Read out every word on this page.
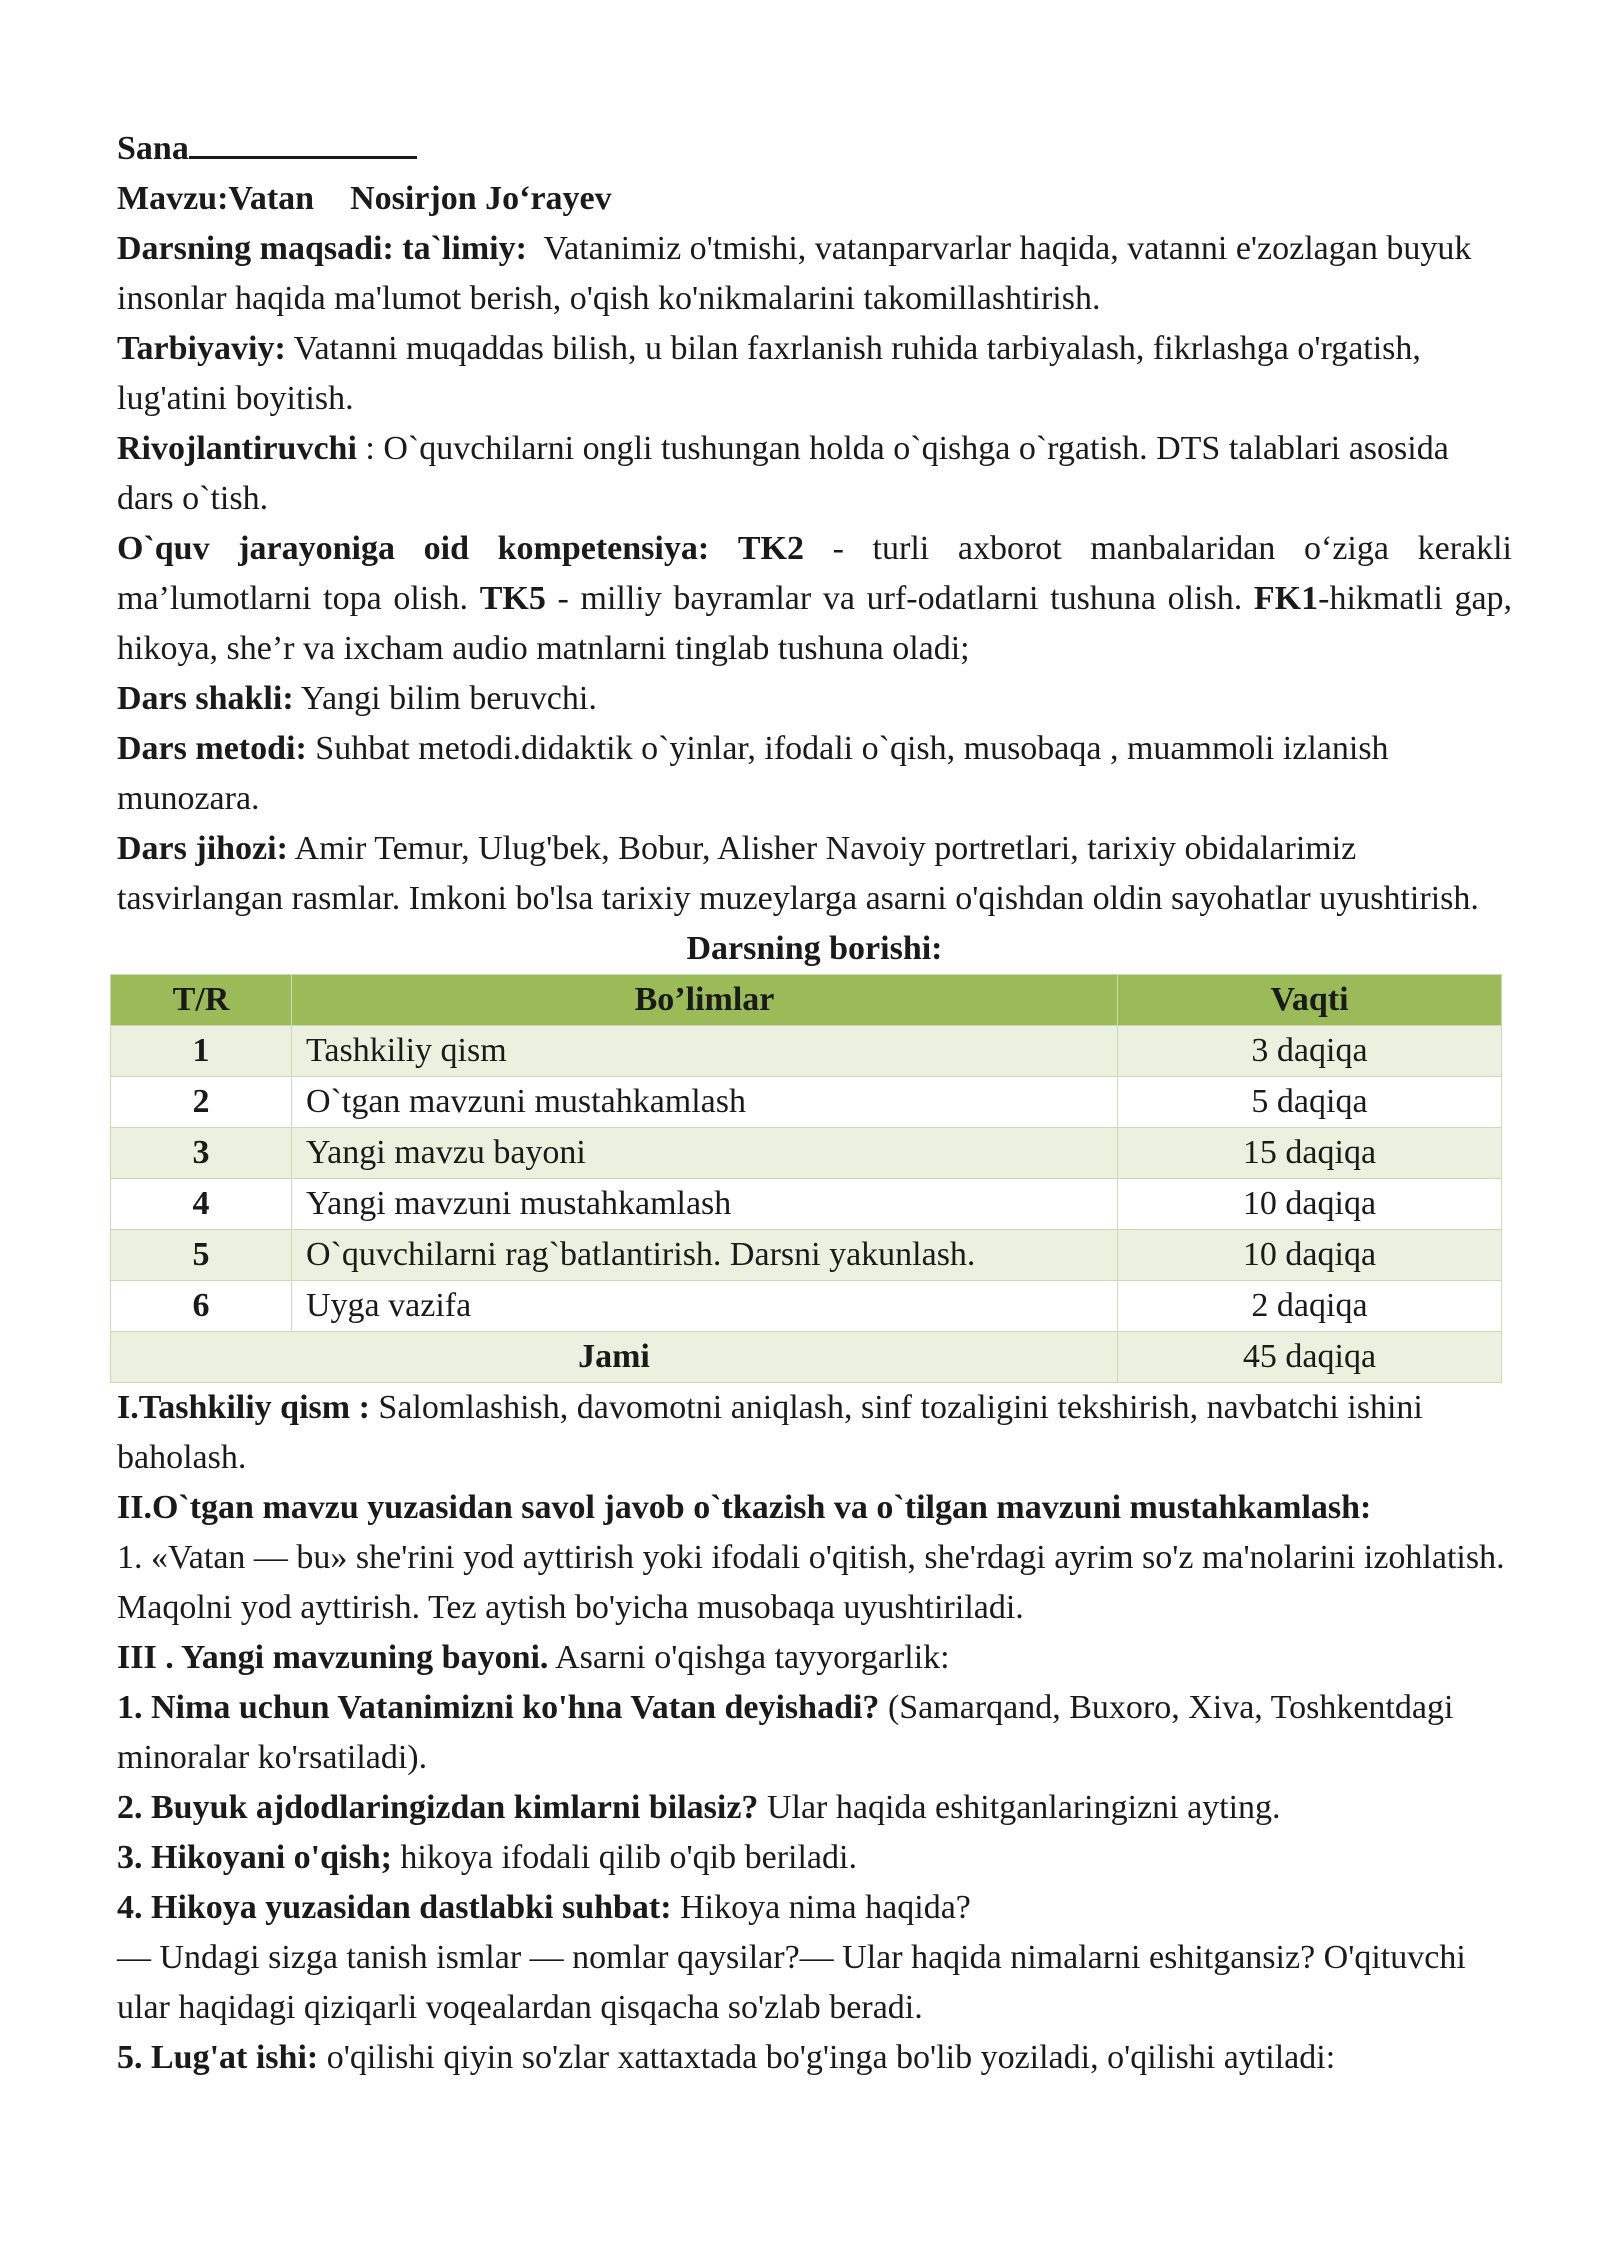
Sana

Mavzu:Vatan Nosirjon Jo‘rayev

Darsning maqsadi: ta`limiy: Vatanimiz o'tmishi, vatanparvarlar haqida, vatanni e'zozlagan buyuk insonlar haqida ma'lumot berish, o'qish ko'nikmalarini takomillashtirish.

Tarbiyaviy: Vatanni muqaddas bilish, u bilan faxrlanish ruhida tarbiyalash, fikrlashga o'rgatish, lug'atini boyitish.

Rivojlantiruvchi : O`quvchilarni ongli tushungan holda o`qishga o`rgatish. DTS talablari asosida dars o`tish.

O`quv jarayoniga oid kompetensiya: TK2 - turli axborot manbalaridan o‘ziga kerakli ma’lumotlarni topa olish. TK5 - milliy bayramlar va urf-odatlarni tushuna olish. FK1-hikmatli gap, hikoya, she’r va ixcham audio matnlarni tinglab tushuna oladi;

Dars shakli: Yangi bilim beruvchi.

Dars metodi: Suhbat metodi.didaktik o`yinlar, ifodali o`qish, musobaqa , muammoli izlanish munozara.

Dars jihozi: Amir Temur, Ulug'bek, Bobur, Alisher Navoiy portretlari, tarixiy obidalarimiz tasvirlangan rasmlar. Imkoni bo'lsa tarixiy muzeylarga asarni o'qishdan oldin sayohatlar uyushtirish.

Darsning borishi:

T/R	Bo’limlar	Vaqti
1	Tashkiliy qism	3 daqiqa
2	O`tgan mavzuni mustahkamlash	5 daqiqa
3	Yangi mavzu bayoni	15 daqiqa
4	Yangi mavzuni mustahkamlash	10 daqiqa
5	O`quvchilarni rag`batlantirish. Darsni yakunlash.	10 daqiqa
6	Uyga vazifa	2 daqiqa
Jami		45 daqiqa

I.Tashkiliy qism : Salomlashish, davomotni aniqlash, sinf tozaligini tekshirish, navbatchi ishini baholash.

II.O`tgan mavzu yuzasidan savol javob o`tkazish va o`tilgan mavzuni mustahkamlash:

1. «Vatan — bu» she'rini yod ayttirish yoki ifodali o'qitish, she'rdagi ayrim so'z ma'nolarini izohlatish. Maqolni yod ayttirish. Tez aytish bo'yicha musobaqa uyushtiriladi.

III . Yangi mavzuning bayoni. Asarni o'qishga tayyorgarlik:

1. Nima uchun Vatanimizni ko'hna Vatan deyishadi? (Samarqand, Buxoro, Xiva, Toshkentdagi minoralar ko'rsatiladi).

2. Buyuk ajdodlaringizdan kimlarni bilasiz? Ular haqida eshitganlaringizni ayting.

3. Hikoyani o'qish; hikoya ifodali qilib o'qib beriladi.

4. Hikoya yuzasidan dastlabki suhbat: Hikoya nima haqida?

— Undagi sizga tanish ismlar — nomlar qaysilar?— Ular haqida nimalarni eshitgansiz? O'qituvchi ular haqidagi qiziqarli voqealardan qisqacha so'zlab beradi.

5. Lug'at ishi: o'qilishi qiyin so'zlar xattaxtada bo'g'inga bo'lib yoziladi, o'qilishi aytiladi:
